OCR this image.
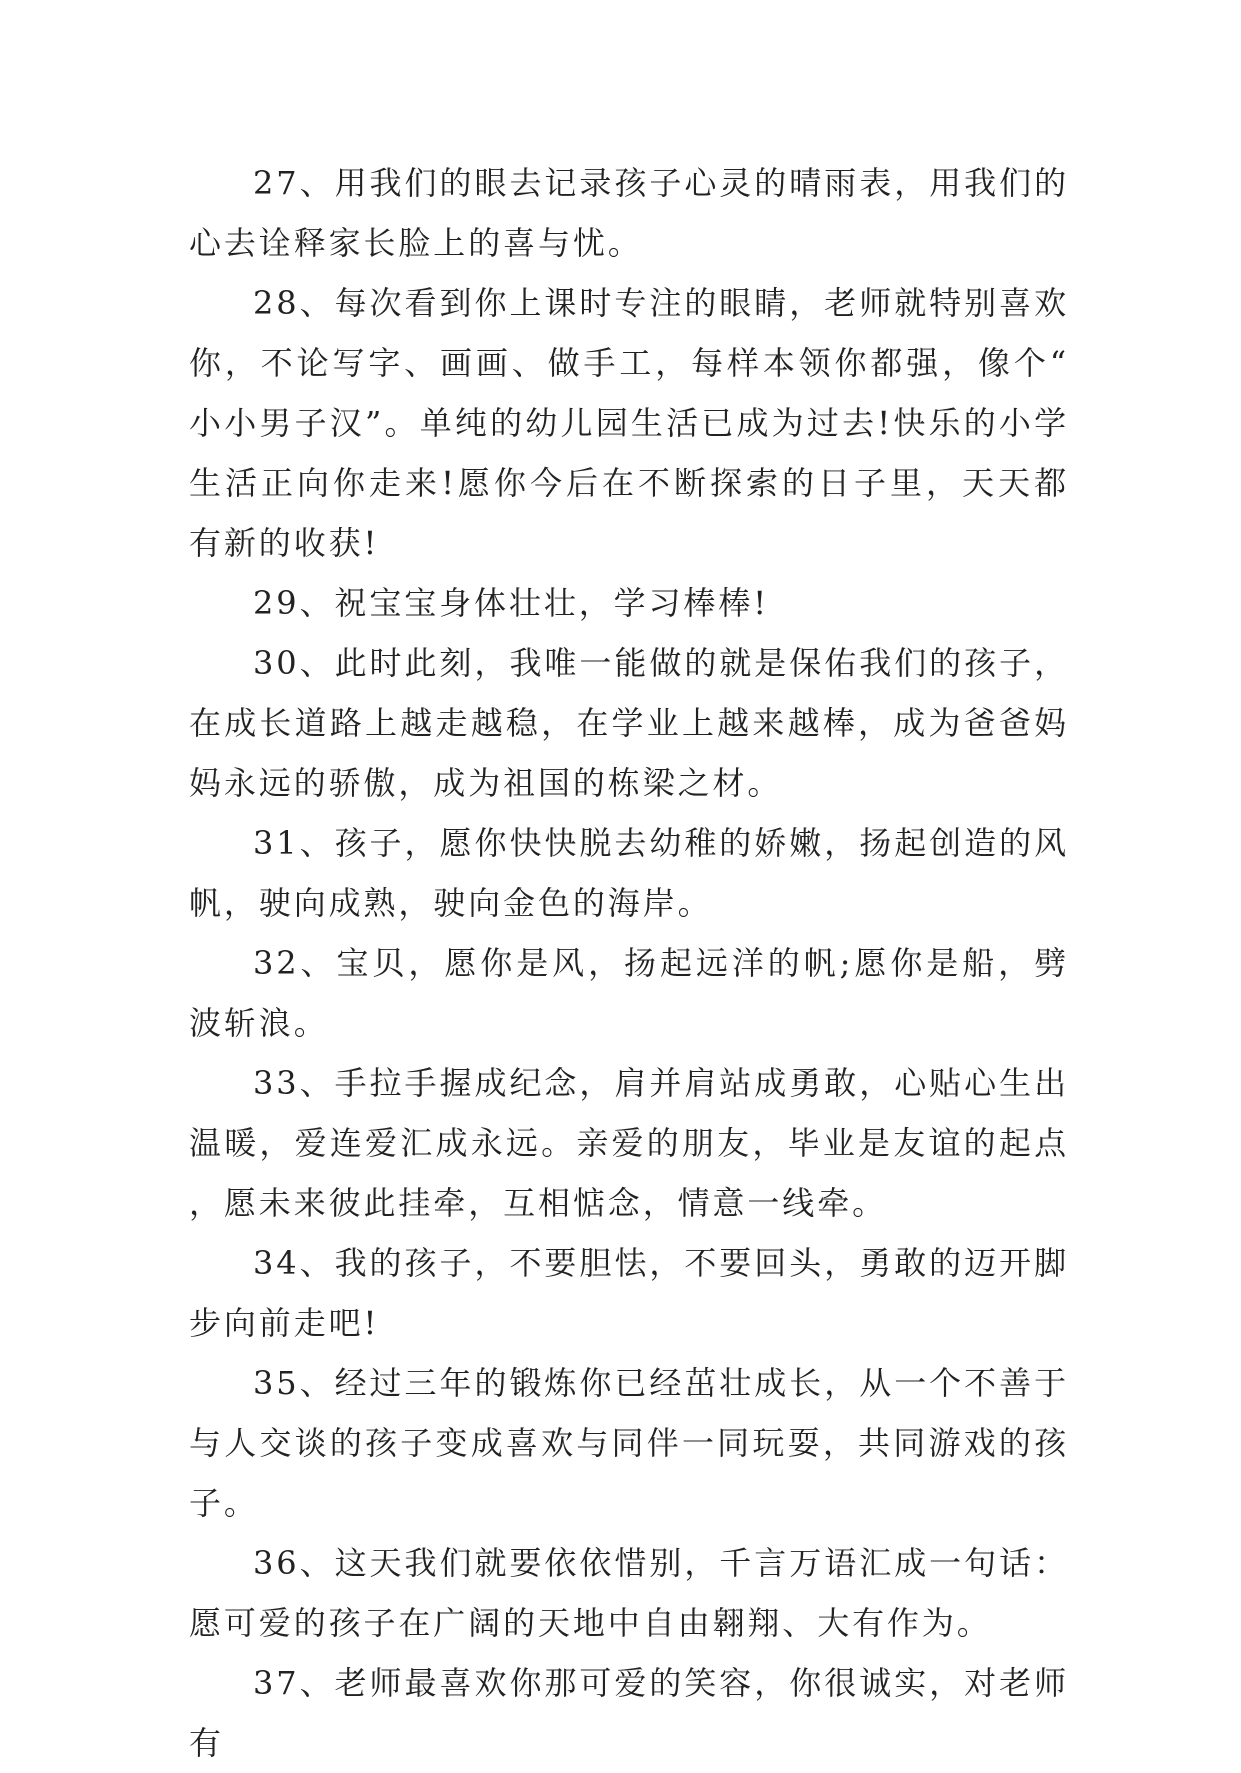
27、用我们的眼去记录孩子心灵的晴雨表，用我们的心去诠释家长脸上的喜与忧。

28、每次看到你上课时专注的眼睛，老师就特别喜欢你，不论写字、画画、做手工，每样本领你都强，像个“小小男子汉”。单纯的幼儿园生活已成为过去!快乐的小学生活正向你走来!愿你今后在不断探索的日子里，天天都有新的收获!

29、祝宝宝身体壮壮，学习棒棒!

30、此时此刻，我唯一能做的就是保佑我们的孩子，在成长道路上越走越稳，在学业上越来越棒，成为爸爸妈妈永远的骄傲，成为祖国的栋梁之材。

31、孩子，愿你快快脱去幼稚的娇嫩，扬起创造的风帆，驶向成熟，驶向金色的海岸。

32、宝贝，愿你是风，扬起远洋的帆;愿你是船，劈波斩浪。

33、手拉手握成纪念，肩并肩站成勇敢，心贴心生出温暖，爱连爱汇成永远。亲爱的朋友，毕业是友谊的起点，愿未来彼此挂牵，互相惦念，情意一线牵。

34、我的孩子，不要胆怯，不要回头，勇敢的迈开脚步向前走吧!

35、经过三年的锻炼你已经茁壮成长，从一个不善于与人交谈的孩子变成喜欢与同伴一同玩耍，共同游戏的孩子。

36、这天我们就要依依惜别，千言万语汇成一句话：愿可爱的孩子在广阔的天地中自由翱翔、大有作为。

37、老师最喜欢你那可爱的笑容，你很诚实，对老师有
